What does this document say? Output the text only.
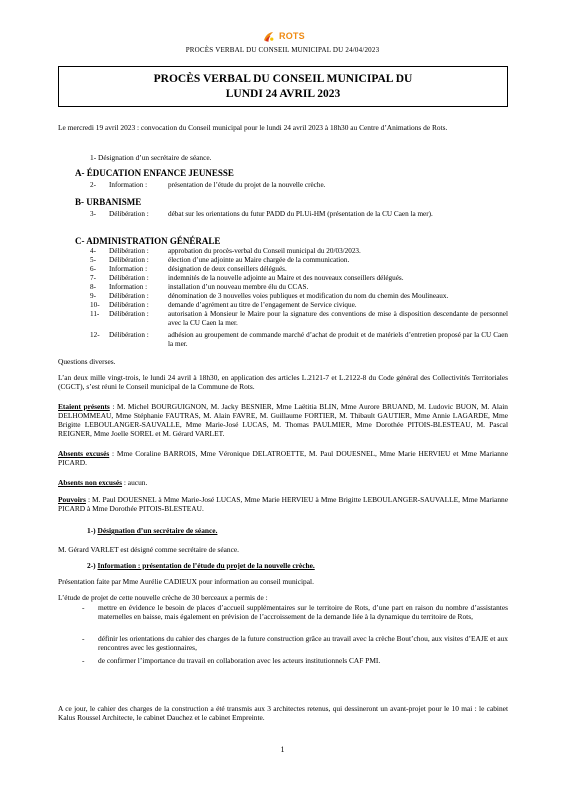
ROTS
PROCÈS VERBAL DU CONSEIL MUNICIPAL DU 24/04/2023
PROCÈS VERBAL DU CONSEIL MUNICIPAL DU
LUNDI 24 AVRIL 2023
Le mercredi 19 avril 2023 : convocation du Conseil municipal pour le lundi 24 avril 2023 à 18h30 au Centre d’Animations de Rots.
1- Désignation d’un secrétaire de séance.
A- ÉDUCATION ENFANCE JEUNESSE
2- Information :	présentation de l’étude du projet de la nouvelle crèche.
B- URBANISME
3- Délibération :	débat sur les orientations du futur PADD du PLUi-HM (présentation de la CU Caen la mer).
C- ADMINISTRATION GÉNÉRALE
4- Délibération :	approbation du procès-verbal du Conseil municipal du 20/03/2023.
5- Délibération :	élection d’une adjointe au Maire chargée de la communication.
6- Information :	désignation de deux conseillers délégués.
7- Délibération :	indemnités de la nouvelle adjointe au Maire et des nouveaux conseillers délégués.
8- Information :	installation d’un nouveau membre élu du CCAS.
9- Délibération :	dénomination de 3 nouvelles voies publiques et modification du nom du chemin des Moulineaux.
10- Délibération :	demande d’agrément au titre de l’engagement de Service civique.
11- Délibération :	autorisation à Monsieur le Maire pour la signature des conventions de mise à disposition descendante de personnel avec la CU Caen la mer.
12- Délibération :	adhésion au groupement de commande marché d’achat de produit et de matériels d’entretien proposé par la CU Caen la mer.
Questions diverses.
L’an deux mille vingt-trois, le lundi 24 avril à 18h30, en application des articles L.2121-7 et L.2122-8 du Code général des Collectivités Territoriales (CGCT), s’est réuni le Conseil municipal de la Commune de Rots.
Etaient présents : M. Michel BOURGUIGNON, M. Jacky BESNIER, Mme Laëtitia BLIN, Mme Aurore BRUAND, M. Ludovic BUON, M. Alain DELHOMMEAU, Mme Stéphanie FAUTRAS, M. Alain FAVRE, M. Guillaume FORTIER, M. Thibault GAUTIER, Mme Annie LAGARDE, Mme Brigitte LEBOULANGER-SAUVALLE, Mme Marie-José LUCAS, M. Thomas PAULMIER, Mme Dorothée PITOIS-BLESTEAU, M. Pascal REIGNER, Mme Joelle SOREL et M. Gérard VARLET.
Absents excusés : Mme Coraline BARROIS, Mme Véronique DELATROETTE, M. Paul DOUESNEL, Mme Marie HERVIEU et Mme Marianne PICARD.
Absents non excusés : aucun.
Pouvoirs : M. Paul DOUESNEL à Mme Marie-José LUCAS, Mme Marie HERVIEU à Mme Brigitte LEBOULANGER-SAUVALLE, Mme Marianne PICARD à Mme Dorothée PITOIS-BLESTEAU.
1-) Désignation d’un secrétaire de séance.
M. Gérard VARLET est désigné comme secrétaire de séance.
2-) Information : présentation de l’étude du projet de la nouvelle crèche.
Présentation faite par Mme Aurélie CADIEUX pour information au conseil municipal.
L’étude de projet de cette nouvelle crèche de 30 berceaux a permis de :
- mettre en évidence le besoin de places d’accueil supplémentaires sur le territoire de Rots, d’une part en raison du nombre d’assistantes maternelles en baisse, mais également en prévision de l’accroissement de la demande liée à la dynamique du territoire de Rots,
- définir les orientations du cahier des charges de la future construction grâce au travail avec la crèche Bout’chou, aux visites d’EAJE et aux rencontres avec les gestionnaires,
- de confirmer l’importance du travail en collaboration avec les acteurs institutionnels CAF PMI.
A ce jour, le cahier des charges de la construction a été transmis aux 3 architectes retenus, qui dessineront un avant-projet pour le 10 mai : le cabinet Kalus Roussel Architecte, le cabinet Dauchez et le cabinet Empreinte.
1
